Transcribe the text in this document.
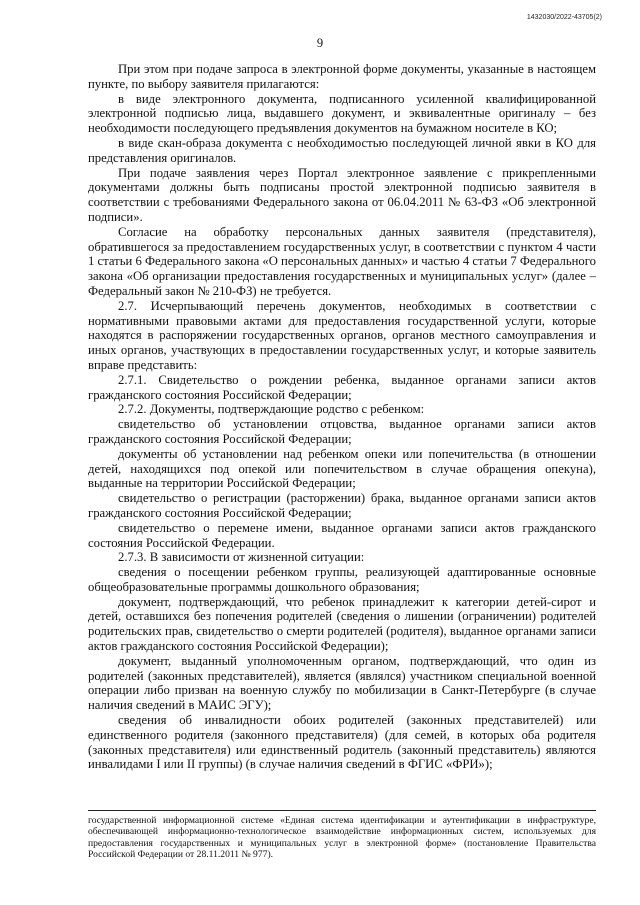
1432030/2022-43705(2)
9

При этом при подаче запроса в электронной форме документы, указанные в настоящем пункте, по выбору заявителя прилагаются:

в виде электронного документа, подписанного усиленной квалифицированной электронной подписью лица, выдавшего документ, и эквивалентные оригиналу – без необходимости последующего предъявления документов на бумажном носителе в КО;

в виде скан-образа документа с необходимостью последующей личной явки в КО для представления оригиналов.

При подаче заявления через Портал электронное заявление с прикрепленными документами должны быть подписаны простой электронной подписью заявителя в соответствии с требованиями Федерального закона от 06.04.2011 № 63-ФЗ «Об электронной подписи».

Согласие на обработку персональных данных заявителя (представителя), обратившегося за предоставлением государственных услуг, в соответствии с пунктом 4 части 1 статьи 6 Федерального закона «О персональных данных» и частью 4 статьи 7 Федерального закона «Об организации предоставления государственных и муниципальных услуг» (далее – Федеральный закон № 210-ФЗ) не требуется.

2.7. Исчерпывающий перечень документов, необходимых в соответствии с нормативными правовыми актами для предоставления государственной услуги, которые находятся в распоряжении государственных органов, органов местного самоуправления и иных органов, участвующих в предоставлении государственных услуг, и которые заявитель вправе представить:

2.7.1. Свидетельство о рождении ребенка, выданное органами записи актов гражданского состояния Российской Федерации;

2.7.2. Документы, подтверждающие родство с ребенком:

свидетельство об установлении отцовства, выданное органами записи актов гражданского состояния Российской Федерации;

документы об установлении над ребенком опеки или попечительства (в отношении детей, находящихся под опекой или попечительством в случае обращения опекуна), выданные на территории Российской Федерации;

свидетельство о регистрации (расторжении) брака, выданное органами записи актов гражданского состояния Российской Федерации;

свидетельство о перемене имени, выданное органами записи актов гражданского состояния Российской Федерации.

2.7.3. В зависимости от жизненной ситуации:

сведения о посещении ребенком группы, реализующей адаптированные основные общеобразовательные программы дошкольного образования;

документ, подтверждающий, что ребенок принадлежит к категории детей-сирот и детей, оставшихся без попечения родителей (сведения о лишении (ограничении) родителей родительских прав, свидетельство о смерти родителей (родителя), выданное органами записи актов гражданского состояния Российской Федерации);

документ, выданный уполномоченным органом, подтверждающий, что один из родителей (законных представителей), является (являлся) участником специальной военной операции либо призван на военную службу по мобилизации в Санкт-Петербурге (в случае наличия сведений в МАИС ЭГУ);

сведения об инвалидности обоих родителей (законных представителей) или единственного родителя (законного представителя) (для семей, в которых оба родителя (законных представителя) или единственный родитель (законный представитель) являются инвалидами I или II группы) (в случае наличия сведений в ФГИС «ФРИ»);

государственной информационной системе «Единая система идентификации и аутентификации в инфраструктуре, обеспечивающей информационно-технологическое взаимодействие информационных систем, используемых для предоставления государственных и муниципальных услуг в электронной форме» (постановление Правительства Российской Федерации от 28.11.2011 № 977).
